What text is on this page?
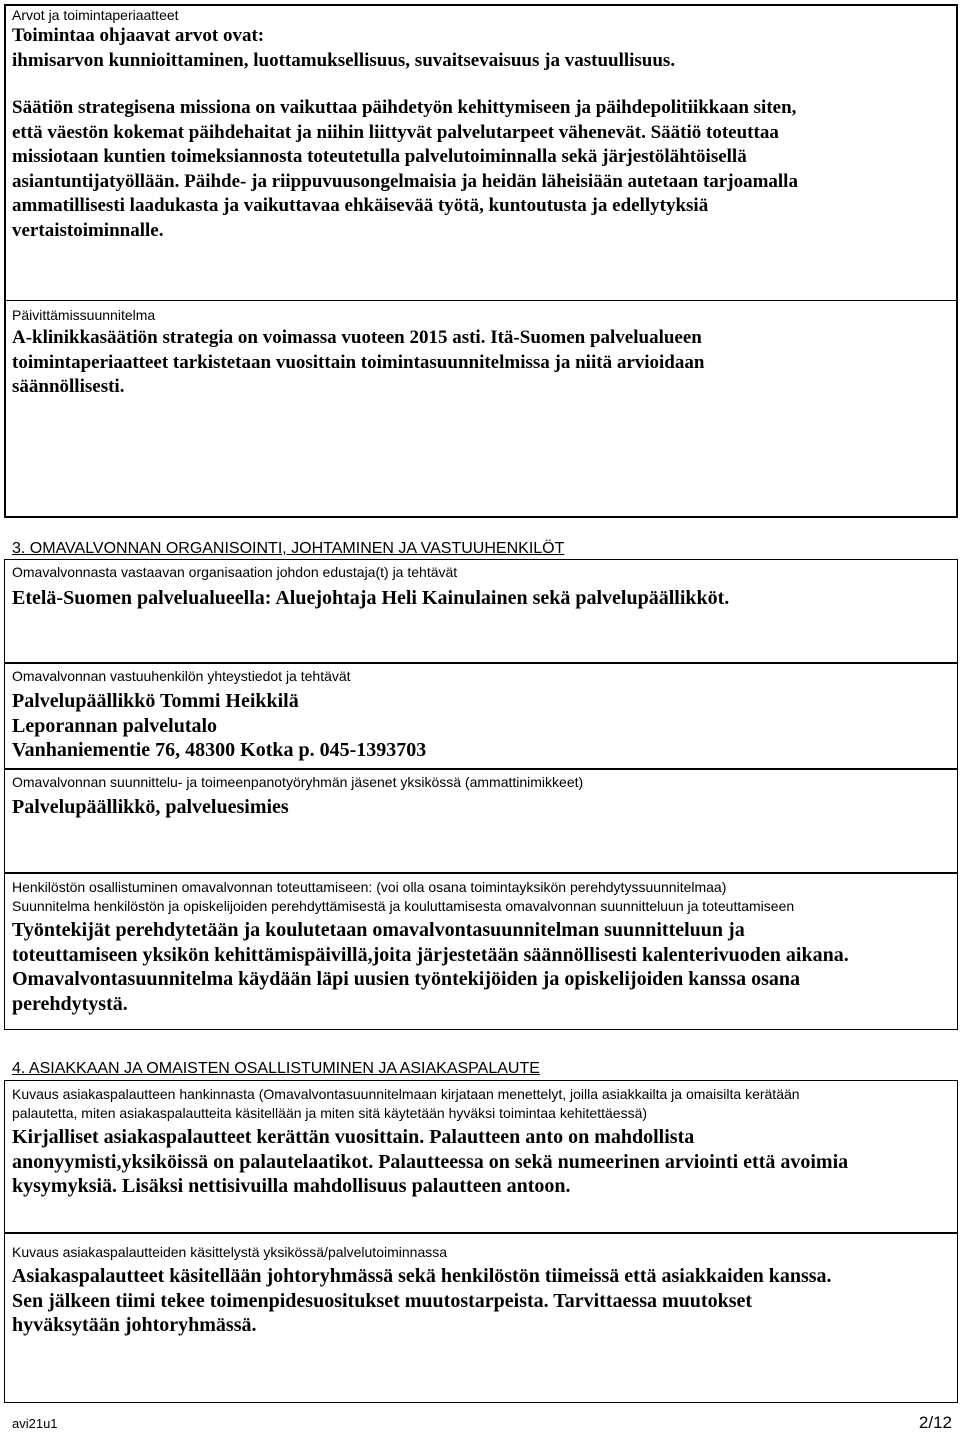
Arvot ja toimintaperiaatteet

Toimintaa ohjaavat arvot ovat:

ihmisarvon kunnioittaminen, luottamuksellisuus, suvaitsevaisuus ja vastuullisuus.

Säätiön strategisena missiona on vaikuttaa päihdetyön kehittymiseen ja päihdepolitiikkaan siten,

että väestön kokemat päihdehaitat ja niihin liittyvät palvelutarpeet vähenevät. Säätiö toteuttaa

missiotaan kuntien toimeksiannosta toteutetulla palvelutoiminnalla sekä järjestölähtöisellä

asiantuntijatyöllään. Päihde- ja riippuvuusongelmaisia ja heidän läheisiään autetaan tarjoamalla

ammatillisesti laadukasta ja vaikuttavaa ehkäisevää työtä, kuntoutusta ja edellytyksiä

vertaistoiminnalle.

Päivittämissuunnitelma

A-klinikkasäätiön strategia on voimassa vuoteen 2015 asti. Itä-Suomen palvelualueen

toimintaperiaatteet tarkistetaan vuosittain toimintasuunnitelmissa ja niitä arvioidaan

säännöllisesti.

3. OMAVALVONNAN ORGANISOINTI, JOHTAMINEN JA VASTUUHENKILÖT
Omavalvonnasta vastaavan organisaation johdon edustaja(t) ja tehtävät
Etelä-Suomen palvelualueella: Aluejohtaja Heli Kainulainen sekä palvelupäällikköt.
Omavalvonnan vastuuhenkilön yhteystiedot ja tehtävät

Palvelupäällikkö Tommi Heikkilä

Leporannan palvelutalo

Vanhaniementie 76, 48300 Kotka p. 045-1393703

Omavalvonnan suunnittelu- ja toimeenpanotyöryhmän jäsenet yksikössä (ammattinimikkeet)
Palvelupäällikkö, palveluesimies

Henkilöstön osallistuminen omavalvonnan toteuttamiseen: (voi olla osana toimintayksikön perehdytyssuunnitelmaa)

Suunnitelma henkilöstön ja opiskelijoiden perehdyttämisestä ja kouluttamisesta omavalvonnan suunnitteluun ja toteuttamiseen

Työntekijät perehdytetään ja koulutetaan omavalvontasuunnitelman suunnitteluun ja

toteuttamiseen yksikön kehittämispäivillä,joita järjestetään säännöllisesti kalenterivuoden aikana.

Omavalvontasuunnitelma käydään läpi uusien työntekijöiden ja opiskelijoiden kanssa osana

perehdytystä.

4. ASIAKKAAN JA OMAISTEN OSALLISTUMINEN JA ASIAKASPALAUTE

Kuvaus asiakaspalautteen hankinnasta (Omavalvontasuunnitelmaan kirjataan menettelyt, joilla asiakkailta ja omaisilta kerätään

palautetta, miten asiakaspalautteita käsitellään ja miten sitä käytetään hyväksi toimintaa kehitettäessä)

Kirjalliset asiakaspalautteet kerättän vuosittain. Palautteen anto on mahdollista

anonyymisti,yksiköissä on palautelaatikot. Palautteessa on sekä numeerinen arviointi että avoimia

kysymyksiä. Lisäksi nettisivuilla mahdollisuus palautteen antoon.

Kuvaus asiakaspalautteiden käsittelystä yksikössä/palvelutoiminnassa

Asiakaspalautteet käsitellään johtoryhmässä sekä henkilöstön tiimeissä että asiakkaiden kanssa.

Sen jälkeen tiimi tekee toimenpidesuositukset muutostarpeista. Tarvittaessa muutokset

hyväksytään johtoryhmässä.

avi21u1	2/12
